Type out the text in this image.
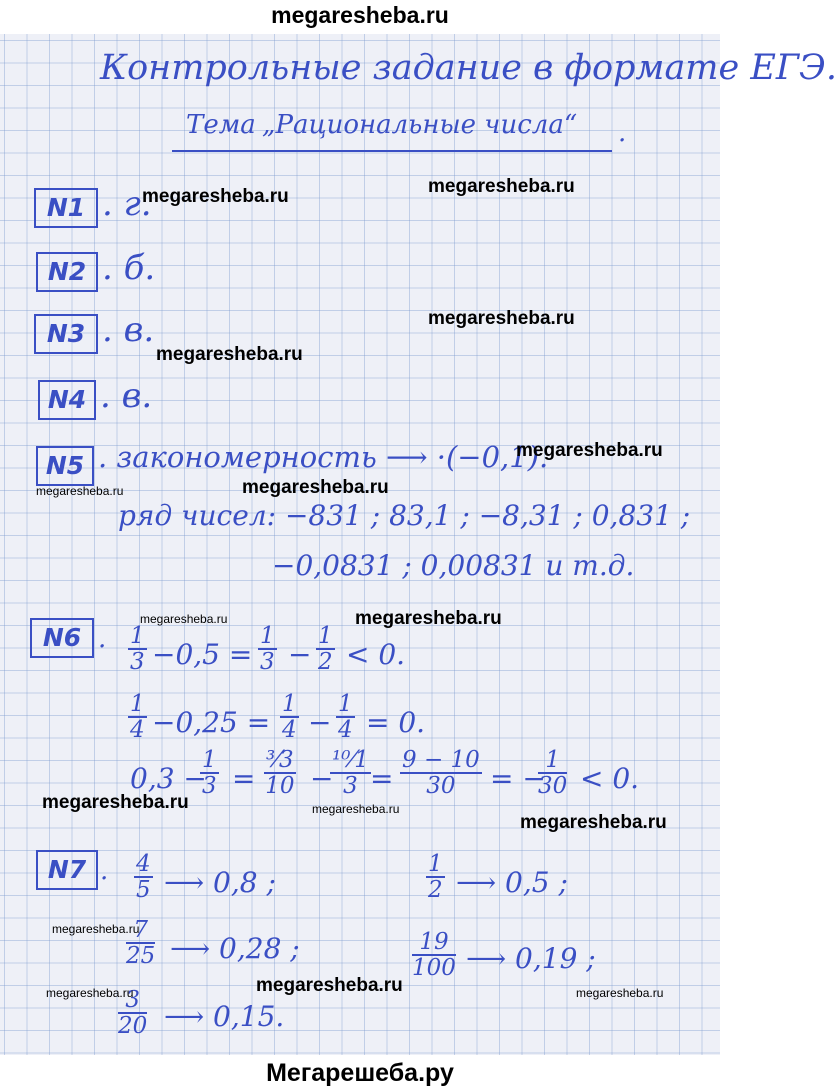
megaresheba.ru
Контрольные задание в формате ЕГЭ.
Тема „Рациональные числа“ .
N1 . г.
N2 . б.
N3 . в.
N4 . в.
N5 . закономерность ⟶ ·(−0,1).
ряд чисел: −831 ; 83,1 ; −8,31 ; 0,831 ;
−0,0831 ; 0,00831 и т.д.
N6 . $\frac{1}{3} -0,5 = \frac{1}{3} - \frac{1}{2} < 0$.
$\frac{1}{4} -0,25 = \frac{1}{4} - \frac{1}{4} = 0$.
0,3 −
$\frac{1}{3} = \frac{\text{³⁄3}}{10}$ −
$\frac{\text{¹⁰⁄1}}{3} = \frac{9 - 10}{30}$ = −
$\frac{1}{30} < 0$.
N7 . $\frac{4}{5}$ ⟶ 0,8 ;	$\frac{1}{2}$ ⟶ 0,5 ;
$\frac{7}{25}$ ⟶ 0,28 ;	$\frac{19}{100}$ ⟶ 0,19 ;
$\frac{3}{20}$ ⟶ 0,15.
megaresheba.ru	megaresheba.ru
megaresheba.ru
megaresheba.ru
megaresheba.ru
megaresheba.ru	megaresheba.ru
megaresheba.ru	megaresheba.ru
megaresheba.ru	megaresheba.ru
megaresheba.ru
megaresheba.ru
megaresheba.ru	megaresheba.ru	megaresheba.ru
Мегарешеба.ру
